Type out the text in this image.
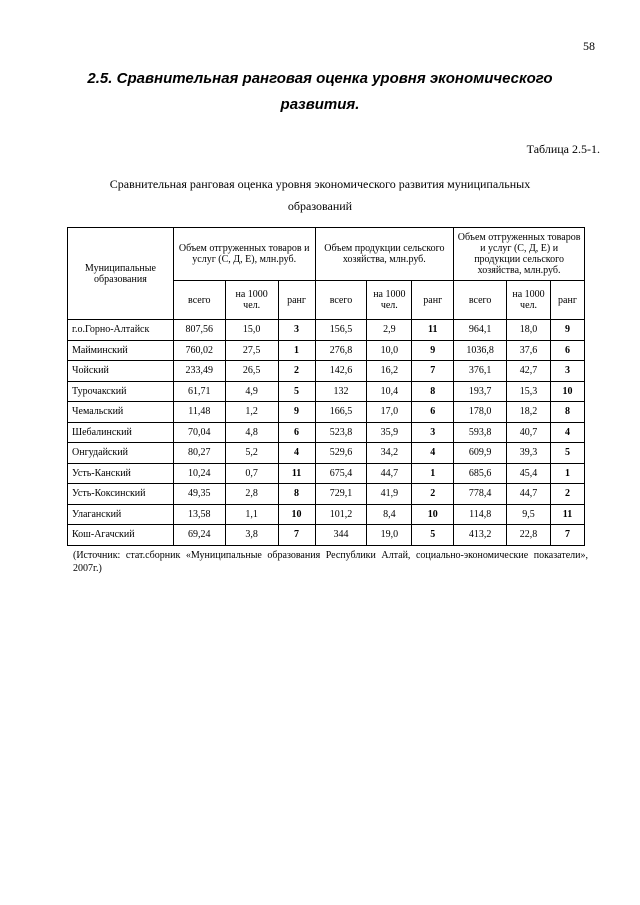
58
2.5. Сравнительная ранговая оценка уровня экономического
развития.
Таблица 2.5-1.
Сравнительная ранговая оценка уровня экономического развития муниципальных
образований
Муниципальные образования	Объем отгруженных товаров и услуг (С, Д, Е), млн.руб.			Объем продукции сельского хозяйства, млн.руб.			Объем отгруженных товаров и услуг (С, Д, Е) и продукции сельского хозяйства, млн.руб.		
	всего	на 1000 чел.	ранг	всего	на 1000 чел.	ранг	всего	на 1000 чел.	ранг
г.о.Горно-Алтайск	807,56	15,0	3	156,5	2,9	11	964,1	18,0	9
Майминский	760,02	27,5	1	276,8	10,0	9	1036,8	37,6	6
Чойский	233,49	26,5	2	142,6	16,2	7	376,1	42,7	3
Турочакский	61,71	4,9	5	132	10,4	8	193,7	15,3	10
Чемальский	11,48	1,2	9	166,5	17,0	6	178,0	18,2	8
Шебалинский	70,04	4,8	6	523,8	35,9	3	593,8	40,7	4
Онгудайский	80,27	5,2	4	529,6	34,2	4	609,9	39,3	5
Усть-Канский	10,24	0,7	11	675,4	44,7	1	685,6	45,4	1
Усть-Коксинский	49,35	2,8	8	729,1	41,9	2	778,4	44,7	2
Улаганский	13,58	1,1	10	101,2	8,4	10	114,8	9,5	11
Кош-Агачский	69,24	3,8	7	344	19,0	5	413,2	22,8	7
(Источник: стат.сборник «Муниципальные образования Республики Алтай, социально-экономические показатели», 2007г.)
